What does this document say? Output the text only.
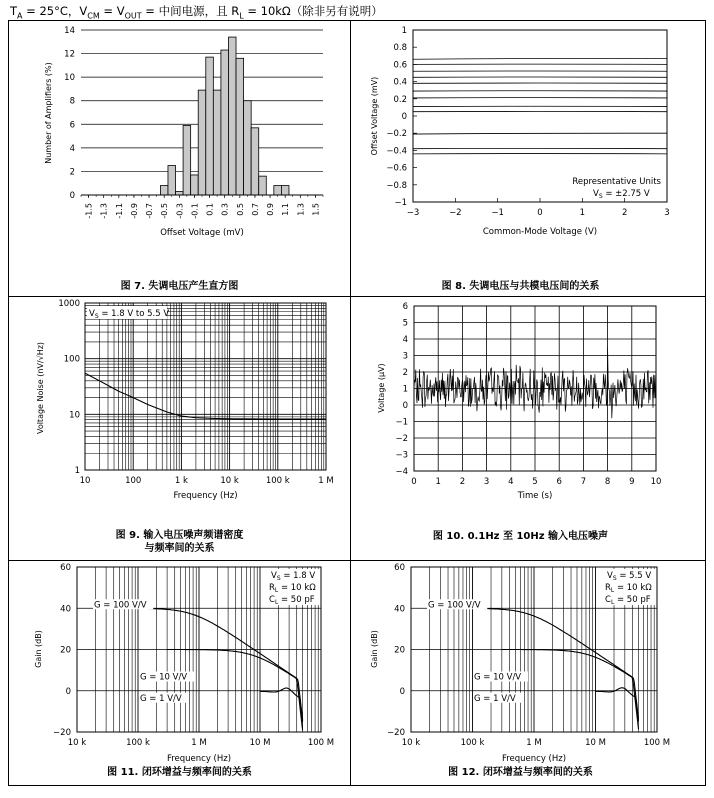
$T_A = 25^\circ C$，$V_{CM} = V_{OUT}$ = 中间电源，且 $R_L = 10k\Omega$（除非另有说明）
图 7. 失调电压产生直方图	图 8. 失调电压与共模电压间的关系
图 9. 输入电压噪声频谱密度
与频率间的关系
图 10. 0.1Hz 至 10Hz 输入电压噪声
图 11. 闭环增益与频率间的关系	图 12. 闭环增益与频率间的关系
0
2
4
6
8
10
12
14
-1.5 -1.3 -1.1 -0.9 -0.7 -0.5 -0.3 -0.1 0.1 0.3 0.5 0.7 0.9 1.1 1.3 1.5
Offset Voltage (mV)
Number of Amplifiers (%)
−1
−0.8
−0.6
−0.4
−0.2
0
0.2
0.4
0.6
0.8
1
−3	−2	−1	0	1	2	3
Representative Units
$V_S = \pm 2.75$ V
Common-Mode Voltage (V)
Offset Voltage (mV)
10	100	1 k	10 k	100 k	1 M
1
10
100
1000
$V_S = 1.8$ V to 5.5 V
Frequency (Hz)
Voltage Noise (nV/√Hz)
0 1 2 3 4 5 6 7 8 9 10
−4
−3
−2
−1
0
1
2
3
4
5
6
Time (s)
Voltage (μV)
10 k	100 k	1 M	10 M	100 M
−20
0
20
40
60
G = 100 V/V
G = 10 V/V
G = 1 V/V
$V_S = 1.8$ V
$R_L = 10$ kΩ
$C_L = 50$ pF
Frequency (Hz)
Gain (dB)
10 k	100 k	1 M	10 M	100 M
−20
0
20
40
60
G = 100 V/V
G = 10 V/V
G = 1 V/V
$V_S = 5.5$ V
$R_L = 10$ kΩ
$C_L = 50$ pF
Frequency (Hz)
Gain (dB)
